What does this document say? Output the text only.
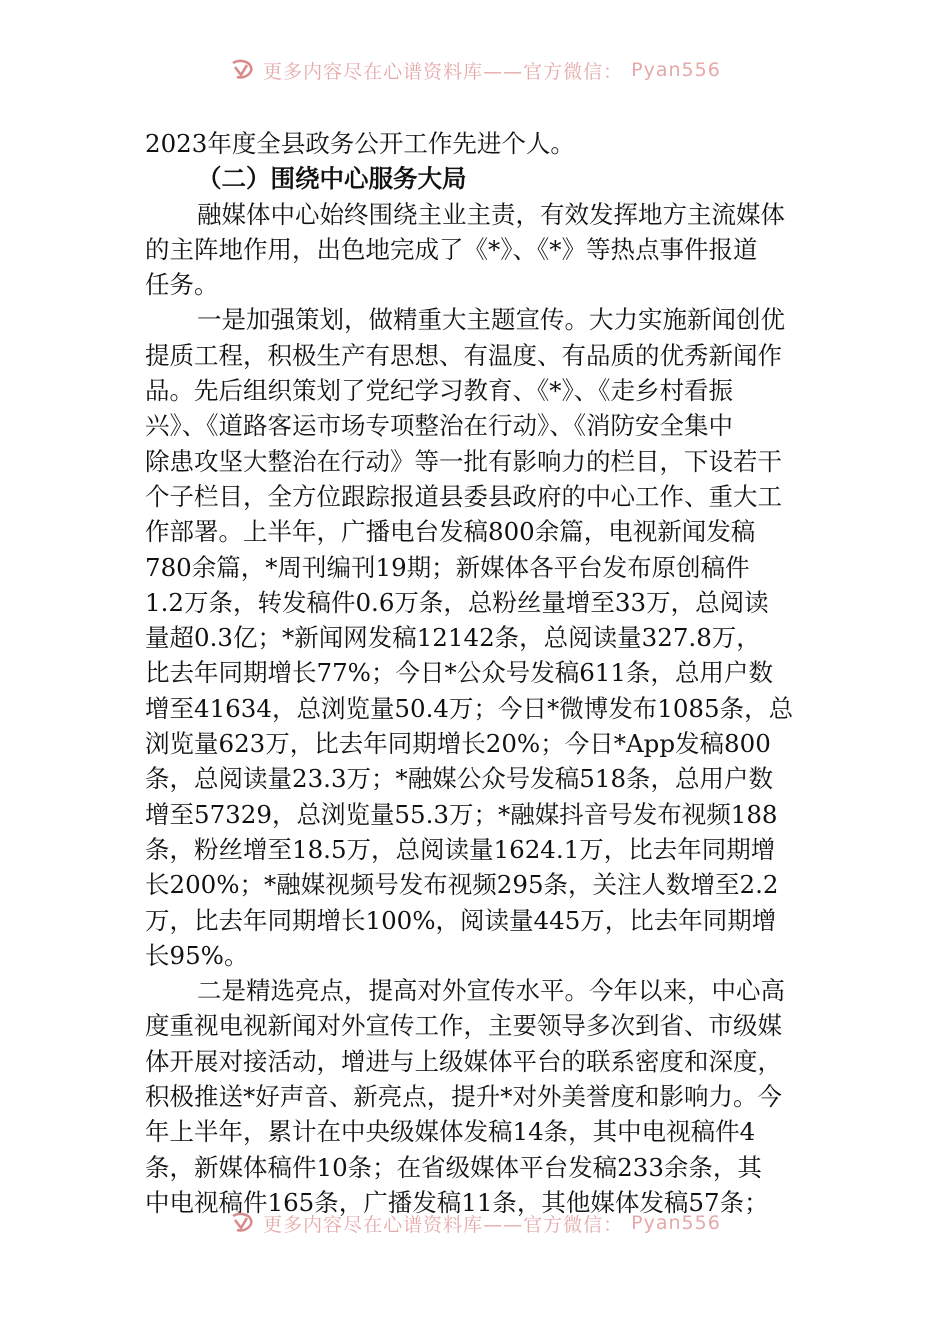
更多内容尽在心谱资料库——官方微信： Pyan556
2023年度全县政务公开工作先进个人。
（二）围绕中心服务大局
融媒体中心始终围绕主业主责，有效发挥地方主流媒体
的主阵地作用，出色地完成了《*》、《*》等热点事件报道
任务。
一是加强策划，做精重大主题宣传。大力实施新闻创优
提质工程，积极生产有思想、有温度、有品质的优秀新闻作
品。先后组织策划了党纪学习教育、《*》、《走乡村看振
兴》、《道路客运市场专项整治在行动》、《消防安全集中
除患攻坚大整治在行动》等一批有影响力的栏目，下设若干
个子栏目，全方位跟踪报道县委县政府的中心工作、重大工
作部署。上半年，广播电台发稿800余篇，电视新闻发稿
780余篇，*周刊编刊19期；新媒体各平台发布原创稿件
1.2万条，转发稿件0.6万条，总粉丝量增至33万，总阅读
量超0.3亿；*新闻网发稿12142条，总阅读量327.8万，
比去年同期增长77%；今日*公众号发稿611条，总用户数
增至41634，总浏览量50.4万；今日*微博发布1085条，总
浏览量623万，比去年同期增长20%；今日*App发稿800
条，总阅读量23.3万；*融媒公众号发稿518条，总用户数
增至57329，总浏览量55.3万；*融媒抖音号发布视频188
条，粉丝增至18.5万，总阅读量1624.1万，比去年同期增
长200%；*融媒视频号发布视频295条，关注人数增至2.2
万，比去年同期增长100%，阅读量445万，比去年同期增
长95%。
二是精选亮点，提高对外宣传水平。今年以来，中心高
度重视电视新闻对外宣传工作，主要领导多次到省、市级媒
体开展对接活动，增进与上级媒体平台的联系密度和深度，
积极推送*好声音、新亮点，提升*对外美誉度和影响力。今
年上半年，累计在中央级媒体发稿14条，其中电视稿件4
条，新媒体稿件10条；在省级媒体平台发稿233余条，其
中电视稿件165条，广播发稿11条，其他媒体发稿57条；
更多内容尽在心谱资料库——官方微信： Pyan556
